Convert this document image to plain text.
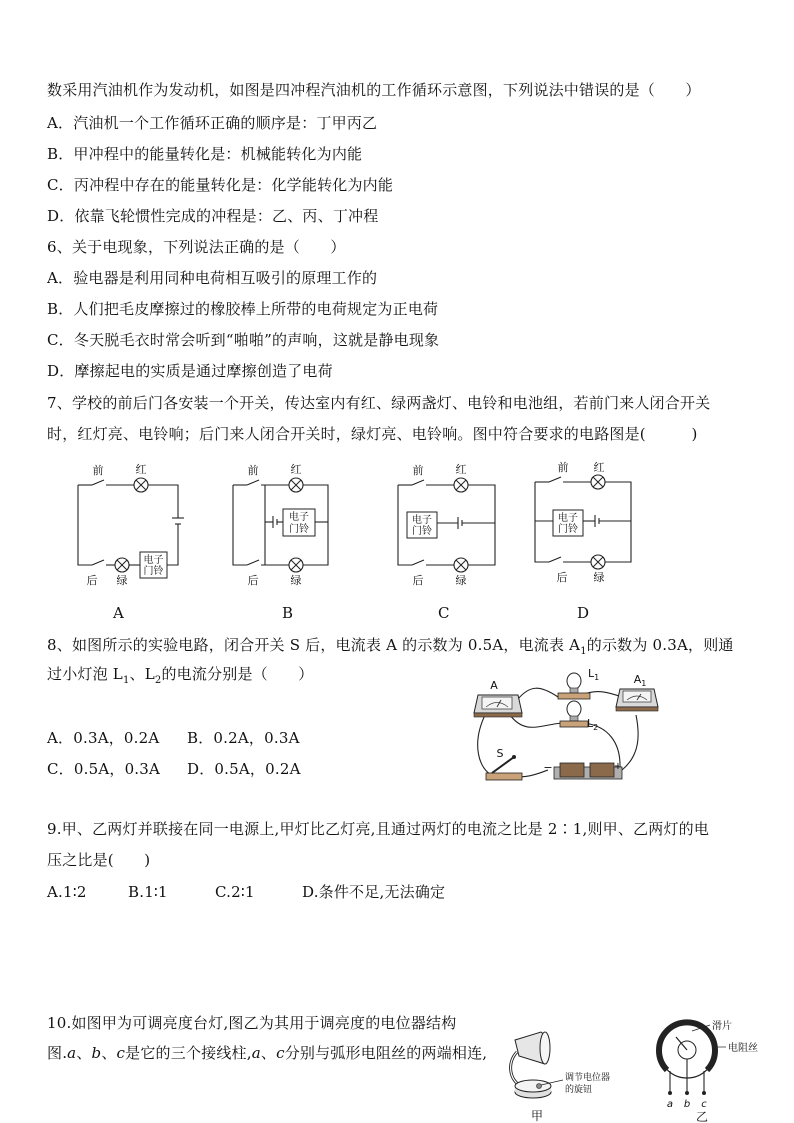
数采用汽油机作为发动机，如图是四冲程汽油机的工作循环示意图，下列说法中错误的是（　　）
A．汽油机一个工作循环正确的顺序是：丁甲丙乙
B．甲冲程中的能量转化是：机械能转化为内能
C．丙冲程中存在的能量转化是：化学能转化为内能
D．依靠飞轮惯性完成的冲程是：乙、丙、丁冲程
6、关于电现象，下列说法正确的是（　　）
A．验电器是利用同种电荷相互吸引的原理工作的
B．人们把毛皮摩擦过的橡胶棒上所带的电荷规定为正电荷
C．冬天脱毛衣时常会听到“啪啪”的声响，这就是静电现象
D．摩擦起电的实质是通过摩擦创造了电荷
7、学校的前后门各安装一个开关，传达室内有红、绿两盏灯、电铃和电池组，若前门来人闭合开关
时，红灯亮、电铃响；后门来人闭合开关时，绿灯亮、电铃响。图中符合要求的电路图是(　　　)
电子
门铃
前	红
后 绿
电子
门铃
前	红
后	绿
电子
门铃
前	红
后	绿
电子
门铃
前 红
后 绿
A	B	C	D
8、如图所示的实验电路，闭合开关 S 后，电流表 A 的示数为 0.5A，电流表 $A_1$的示数为 0.3A，则通
过小灯泡 $L_1$、$L_2$的电流分别是（　　）
A．0.3A，0.2A B．0.2A，0.3A
C．0.5A，0.3A D．0.5A，0.2A
A	$A_1$
$L_1$
$L_2$
S
−	+
9.甲、乙两灯并联接在同一电源上,甲灯比乙灯亮,且通过两灯的电流之比是 2∶1,则甲、乙两灯的电
压之比是(　　)
A.1∶2	B.1∶1	C.2∶1	D.条件不足,无法确定
10.如图甲为可调亮度台灯,图乙为其用于调亮度的电位器结构
图.a、b、c是它的三个接线柱,a、c分别与弧形电阻丝的两端相连,
调节电位器
的旋钮
甲
滑片
电阻丝
a b c
乙
